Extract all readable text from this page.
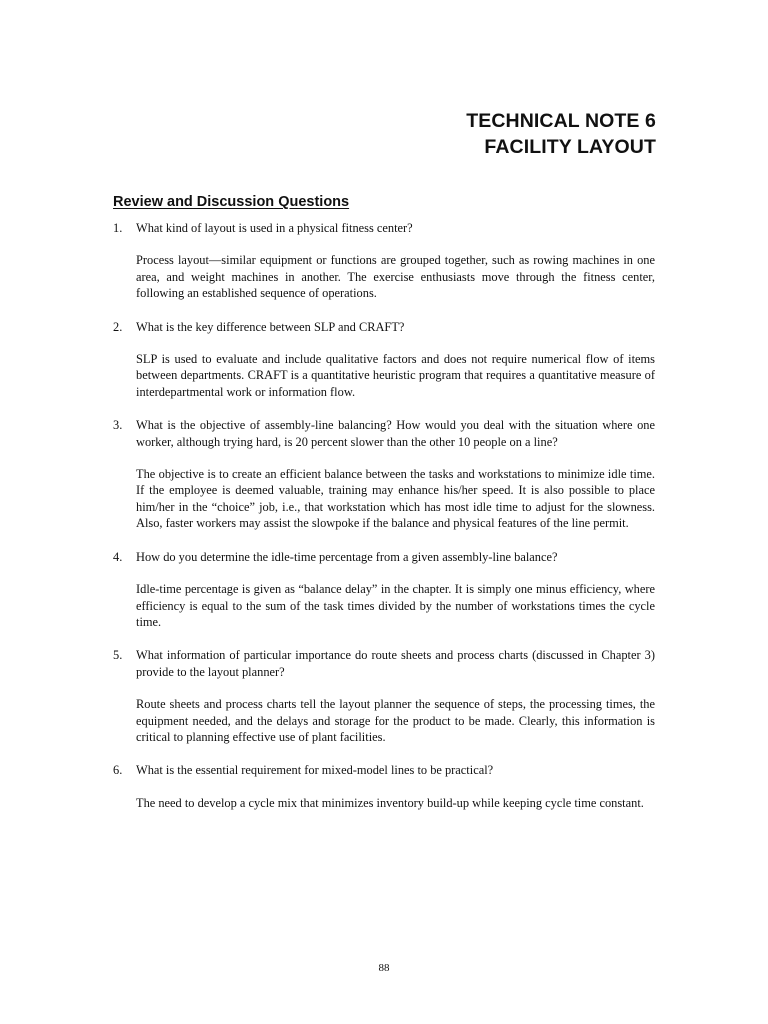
TECHNICAL NOTE 6
FACILITY LAYOUT
Review and Discussion Questions
1. What kind of layout is used in a physical fitness center?
Process layout—similar equipment or functions are grouped together, such as rowing machines in one area, and weight machines in another. The exercise enthusiasts move through the fitness center, following an established sequence of operations.
2. What is the key difference between SLP and CRAFT?
SLP is used to evaluate and include qualitative factors and does not require numerical flow of items between departments. CRAFT is a quantitative heuristic program that requires a quantitative measure of interdepartmental work or information flow.
3. What is the objective of assembly-line balancing? How would you deal with the situation where one worker, although trying hard, is 20 percent slower than the other 10 people on a line?
The objective is to create an efficient balance between the tasks and workstations to minimize idle time. If the employee is deemed valuable, training may enhance his/her speed. It is also possible to place him/her in the “choice” job, i.e., that workstation which has most idle time to adjust for the slowness. Also, faster workers may assist the slowpoke if the balance and physical features of the line permit.
4. How do you determine the idle-time percentage from a given assembly-line balance?
Idle-time percentage is given as “balance delay” in the chapter. It is simply one minus efficiency, where efficiency is equal to the sum of the task times divided by the number of workstations times the cycle time.
5. What information of particular importance do route sheets and process charts (discussed in Chapter 3) provide to the layout planner?
Route sheets and process charts tell the layout planner the sequence of steps, the processing times, the equipment needed, and the delays and storage for the product to be made. Clearly, this information is critical to planning effective use of plant facilities.
6. What is the essential requirement for mixed-model lines to be practical?
The need to develop a cycle mix that minimizes inventory build-up while keeping cycle time constant.
88
